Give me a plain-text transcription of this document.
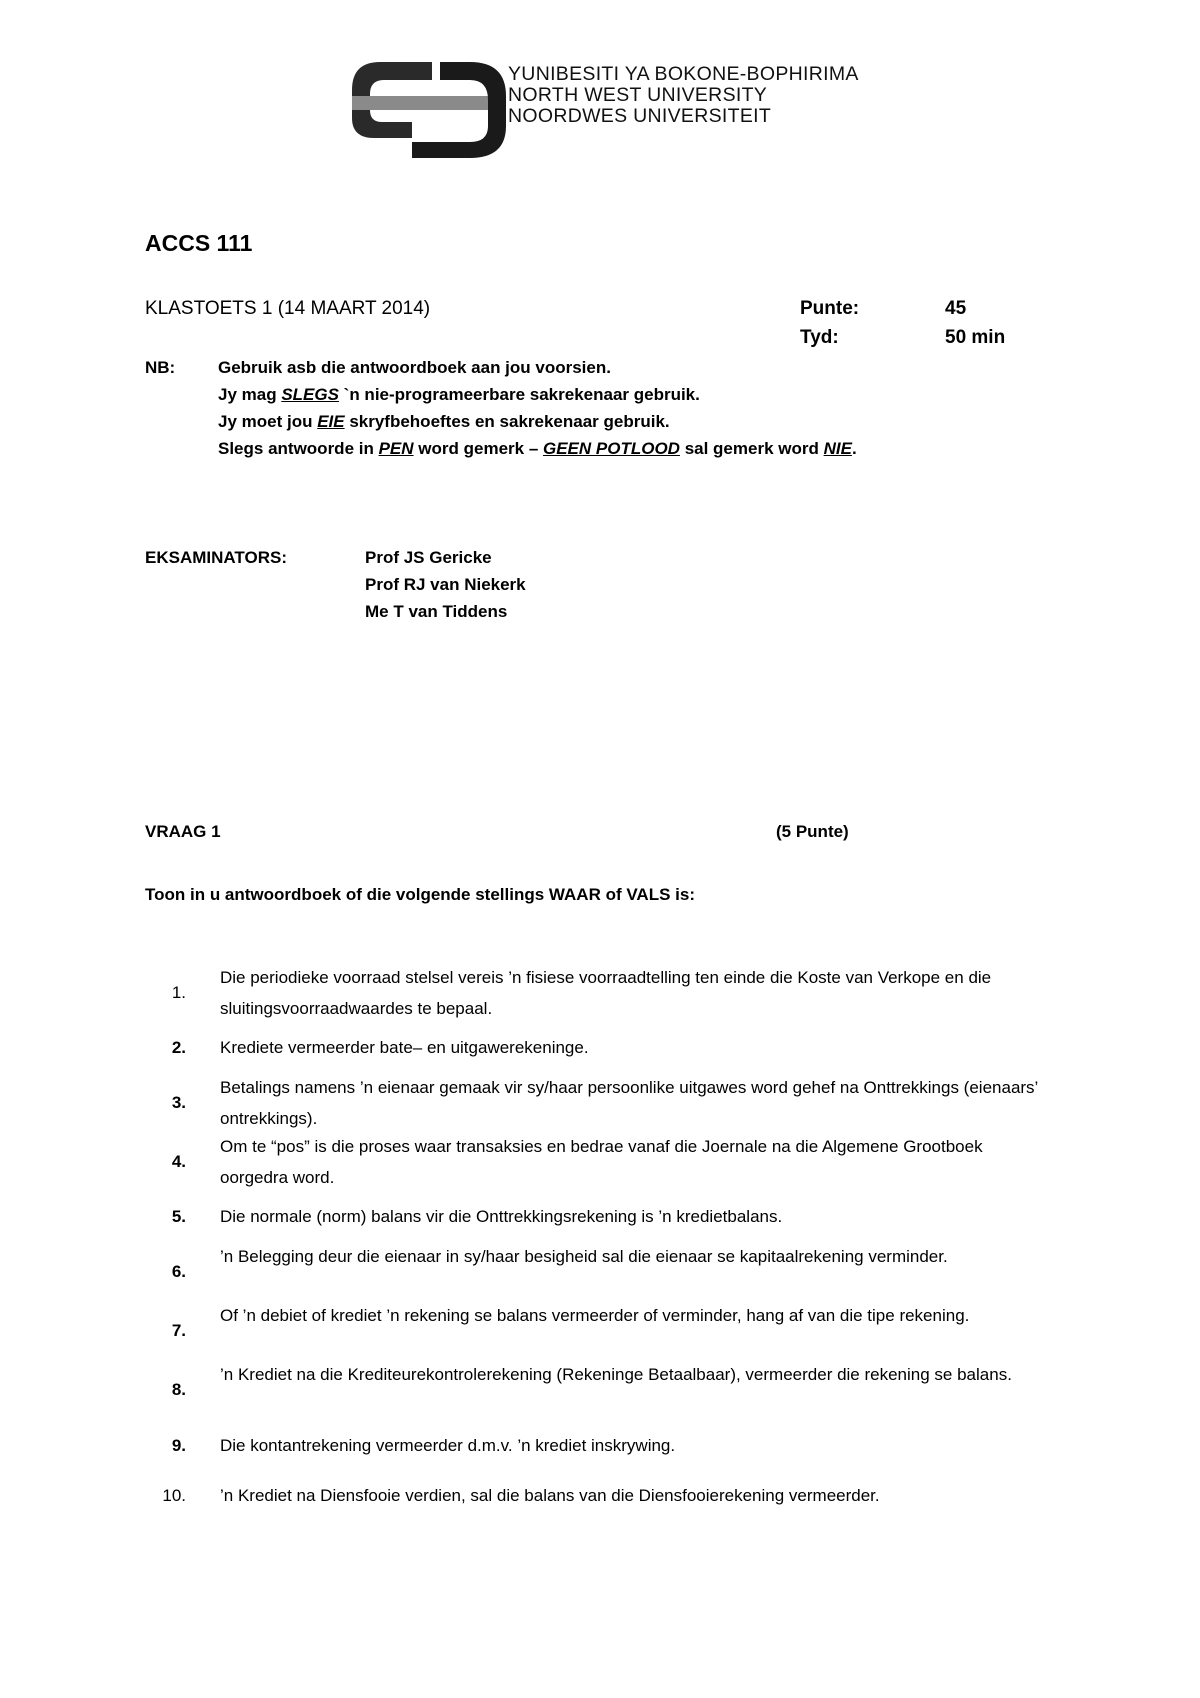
YUNIBESITI YA BOKONE-BOPHIRIMA
NORTH WEST UNIVERSITY
NOORDWES UNIVERSITEIT
ACCS 111
KLASTOETS 1 (14 MAART 2014)	Punte:	45
Tyd:	50 min
NB:	Gebruik asb die antwoordboek aan jou voorsien.
Jy mag SLEGS `n nie-programeerbare sakrekenaar gebruik.
Jy moet jou EIE skryfbehoeftes en sakrekenaar gebruik.
Slegs antwoorde in PEN word gemerk – GEEN POTLOOD sal gemerk word NIE.
EKSAMINATORS:	Prof JS Gericke
Prof RJ van Niekerk
Me T van Tiddens
VRAAG 1	(5 Punte)
Toon in u antwoordboek of die volgende stellings WAAR of VALS is:
1.
Die periodieke voorraad stelsel vereis ’n fisiese voorraadtelling ten einde die Koste van Verkope en die sluitingsvoorraadwaardes te bepaal.
2. Krediete vermeerder bate– en uitgawerekeninge.
3.
Betalings namens ’n eienaar gemaak vir sy/haar persoonlike uitgawes word gehef na Onttrekkings (eienaars’ ontrekkings).
4.
Om te “pos” is die proses waar transaksies en bedrae vanaf die Joernale na die Algemene Grootboek oorgedra word.
5. Die normale (norm) balans vir die Onttrekkingsrekening is ’n kredietbalans.
6.
’n Belegging deur die eienaar in sy/haar besigheid sal die eienaar se kapitaalrekening verminder.
7.
Of ’n debiet of krediet ’n rekening se balans vermeerder of verminder, hang af van die tipe rekening.
8.
’n Krediet na die Krediteurekontrolerekening (Rekeninge Betaalbaar), vermeerder die rekening se balans.
9. Die kontantrekening vermeerder d.m.v. ’n krediet inskrywing.
10. ’n Krediet na Diensfooie verdien, sal die balans van die Diensfooierekening vermeerder.
